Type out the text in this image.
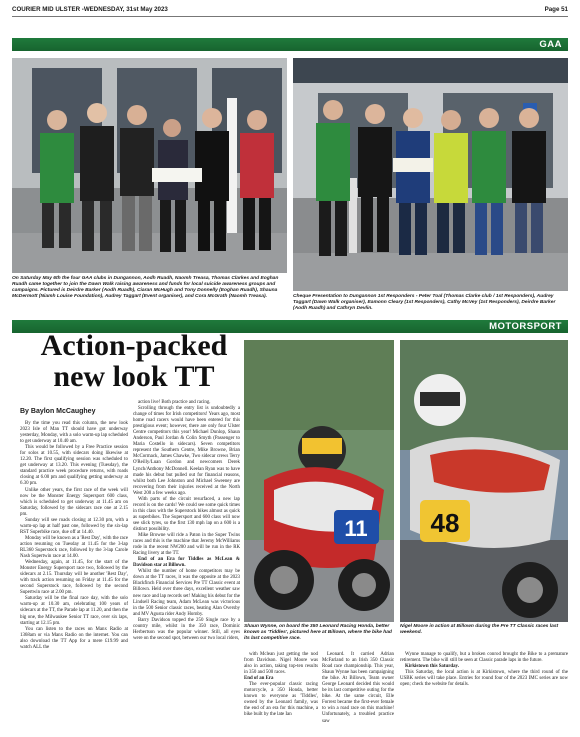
COURIER MID ULSTER -WEDNESDAY, 31st May 2023	Page 51
GAA

On Saturday May 6th the four GAA clubs in Dungannon, Aodh Ruadh, Naomh Treasa, Thomas Clarkes and Eoghan Ruadh came together to join the Dawn Walk raising awareness and funds for local suicide awareness groups and campaigns. Pictured is Deirdre Barker (Aodh Ruadh), Ciaran McHugh and Tony Donnelly (Eoghan Ruadh), Shauna McDermott (Niamh Louise Foundation), Audrey Taggart (Event organiser), and Cora McGrath (Naomh Treasa).	Cheque Presentation to Dungannon 1st Responders - Peter Toal (Thomas Clarke club / 1st Responders), Audrey Taggart (Dawn Walk organiser), Eamonn Cleary (1st Responders), Cathy McVey (1st Responders), Deirdre Barker (Aodh Ruadh) and Cathryn Devlin.

MOTORSPORT
11

Shaun Wynne, on board the 350 Leonard Racing Honda, better known as 'Tiddles', pictured here at Billown, where the bike had its last competitive race.

48

Nigel Moore in action at Billown during the Pre TT Classic races last weekend.

Action-packed
new look TT
By Baylon McCaughey

By the time you read this column, the new look 2023 Isle of Man TT should have got underway yesterday, Monday, with a solo warm-up lap scheduled to get underway at 10.40 am.

This would be followed by a Free Practice session for solos at 10.55, with sidecars doing likewise at 12.20. The first qualifying session was scheduled to get underway at 13.20. This evening (Tuesday), the standard practice week procedure returns, with roads closing at 6.00 pm and qualifying getting underway at 6.30 pm.

Unlike other years, the first race of the week will now be the Monster Energy Supersport 600 class, which is scheduled to get underway at 11.45 am on Saturday, followed by the sidecars race one at 2.15 pm.

Sunday will see roads closing at 12.30 pm, with a warm-up lap at half past one, followed by the six-lap RST Superbike race, due off at 14.40.

Monday will be known as a 'Rest Day', with the race action resuming on Tuesday at 11.45 for the 3-lap RL360 Superstock race, followed by the 3-lap Carole Nash Supertwin race at 14.00.

Wednesday, again, at 11.45, for the start of the Monster Energy Supersport race two, followed by the sidecars at 2.15. Thursday will be another 'Rest Day', with track action resuming on Friday at 11.45 for the second Superstock race, followed by the second Supertwin race at 2.00 pm.

Saturday will be the final race day, with the solo warm-up at 10.30 am, celebrating 100 years of sidecars at the TT, the Parade lap at 11.20, and then the big one, the Milwaukee Senior TT race, over six laps, starting at 12.15 pm.

You can listen to the races on Manx Radio at 1368am or via Manx Radio on the internet. You can also download the TT App for a mere £19.99 and watch ALL the

action live! Both practice and racing.

Scrolling through the entry list is undoubtedly a change of times for Irish competitors! Years ago, most home road racers would have been entered for this prestigious event; however, there are only four Ulster Centre competitors this year! Michael Dunlop, Shaun Anderson, Paul Jordan & Colin Smyth (Passenger to Maria Costello in sidecars). Seven competitors represent the Southern Centre, Mike Browne, Brian McCormack, James Chawke, Two sidecar crews Terry O'Reilly/Luan Gordon and newcomers Derek Lynch/Anthony McDonnell. Keelan Ryan was to have made his debut but pulled out for financial reasons, whilst both Lee Johnston and Michael Sweeney are recovering from their injuries received at the North West 200 a few weeks ago.

With parts of the circuit resurfaced, a new lap record is on the cards! We could see some quick times in this class with the Superstock bikes almost as quick as superbikes. The Supersport and 600 class will now see slick tyres, so the first 130 mph lap on a 600 is a distinct possibility.

Mike Browne will ride a Paton in the Super Twins races and this is the machine that Jeremy McWilliams rode in the recent NW200 and will be run in the RK Racing livery at the TT.

End of an Era for Tiddles as McLean & Davidson star at Billown.

Whilst the number of home competitors may be down at the TT races, it was the opposite at the 2023 Blackfinch Financial Services Pre TT Classic event at Billown. Held over three days, excellent weather saw new race and lap records set! Making his debut for the Lindsell Racing team, Adam McLean was victorious in the 500 Senior classic races, beating Alan Oversby and MV Agusta rider Andy Hornby.

Barry Davidson topped the 250 Single race by a country mile, whilst in the 350 race, Dominic Herbertson was the popular winner. Still, all eyes were on the second spot, between our two local riders,

with Mclean just getting the nod from Davidson. Nigel Moore was also in action, taking top-ten results in 350 and 500 races.

End of an Era

The ever-popular classic racing motorcycle, a 350 Honda, better known to everyone as 'Tiddles', owned by the Leonard family, was the end of an era for this machine, a bike built by the late Ian

Leonard. It carried Adrian McFarland to an Irish 350 Classic Road race championship. This year, Shaun Wynne has been campaigning the bike. At Billown, Team owner George Leonard decided this would be its last competitive outing for the bike. At the same circuit, Elle Forrest became the first-ever female to win a road race on this machine! Unfortunately, a troubled practice saw

Wynne manage to qualify, but a broken conrod brought the Bike to a premature retirement. The bike will still be seen at Classic parade laps in the future.

Kirkistown this Saturday.

This Saturday, the local action is at Kirkistown, where the third round of the USBK series will take place. Entries for round four of the 2023 IMC series are now open; check the website for details.
